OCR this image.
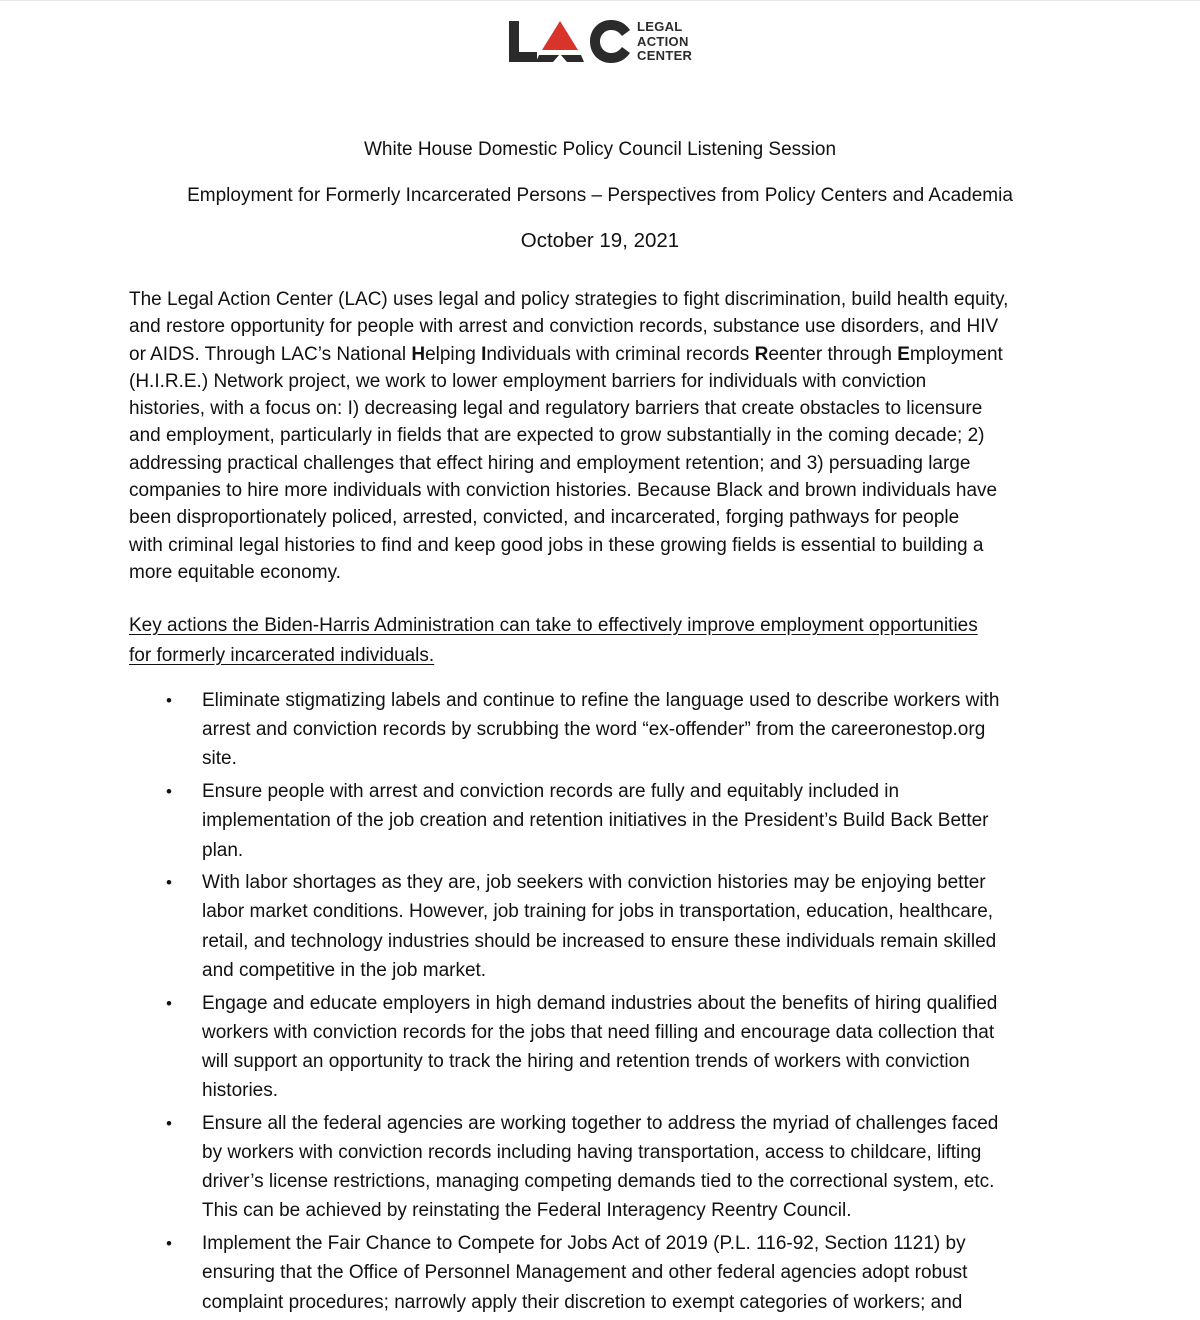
LEGAL
ACTION
CENTER
White House Domestic Policy Council Listening Session
Employment for Formerly Incarcerated Persons – Perspectives from Policy Centers and Academia
October 19, 2021

The Legal Action Center (LAC) uses legal and policy strategies to fight discrimination, build health equity,
and restore opportunity for people with arrest and conviction records, substance use disorders, and HIV
or AIDS. Through LAC’s National Helping Individuals with criminal records Reenter through Employment
(H.I.R.E.) Network project, we work to lower employment barriers for individuals with conviction
histories, with a focus on: I) decreasing legal and regulatory barriers that create obstacles to licensure
and employment, particularly in fields that are expected to grow substantially in the coming decade; 2)
addressing practical challenges that effect hiring and employment retention; and 3) persuading large
companies to hire more individuals with conviction histories. Because Black and brown individuals have
been disproportionately policed, arrested, convicted, and incarcerated, forging pathways for people
with criminal legal histories to find and keep good jobs in these growing fields is essential to building a
more equitable economy.

Key actions the Biden-Harris Administration can take to effectively improve employment opportunities
for formerly incarcerated individuals.
• Eliminate stigmatizing labels and continue to refine the language used to describe workers with
arrest and conviction records by scrubbing the word “ex-offender” from the careeronestop.org
site.
• Ensure people with arrest and conviction records are fully and equitably included in
implementation of the job creation and retention initiatives in the President’s Build Back Better
plan.
• With labor shortages as they are, job seekers with conviction histories may be enjoying better
labor market conditions. However, job training for jobs in transportation, education, healthcare,
retail, and technology industries should be increased to ensure these individuals remain skilled
and competitive in the job market.
• Engage and educate employers in high demand industries about the benefits of hiring qualified
workers with conviction records for the jobs that need filling and encourage data collection that
will support an opportunity to track the hiring and retention trends of workers with conviction
histories.
• Ensure all the federal agencies are working together to address the myriad of challenges faced
by workers with conviction records including having transportation, access to childcare, lifting
driver’s license restrictions, managing competing demands tied to the correctional system, etc.
This can be achieved by reinstating the Federal Interagency Reentry Council.
• Implement the Fair Chance to Compete for Jobs Act of 2019 (P.L. 116-92, Section 1121) by
ensuring that the Office of Personnel Management and other federal agencies adopt robust
complaint procedures; narrowly apply their discretion to exempt categories of workers; and
